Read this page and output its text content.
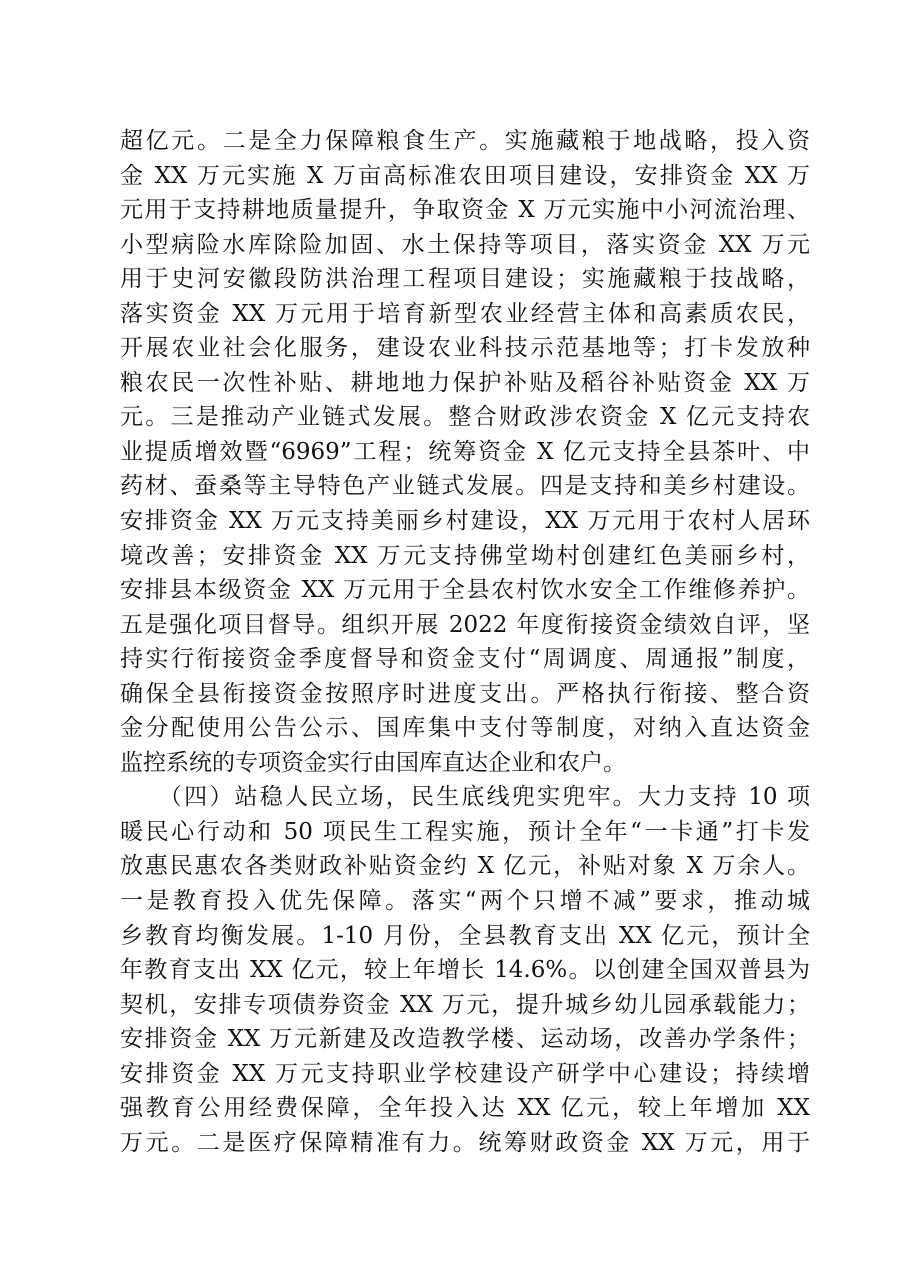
超亿元。二是全力保障粮食生产。实施藏粮于地战略，投入资
金 XX 万元实施 X 万亩高标准农田项目建设，安排资金 XX 万
元用于支持耕地质量提升，争取资金 X 万元实施中小河流治理、
小型病险水库除险加固、水土保持等项目，落实资金 XX 万元
用于史河安徽段防洪治理工程项目建设；实施藏粮于技战略，
落实资金 XX 万元用于培育新型农业经营主体和高素质农民，
开展农业社会化服务，建设农业科技示范基地等；打卡发放种
粮农民一次性补贴、耕地地力保护补贴及稻谷补贴资金 XX 万
元。三是推动产业链式发展。整合财政涉农资金 X 亿元支持农
业提质增效暨“6969”工程；统筹资金 X 亿元支持全县茶叶、中
药材、蚕桑等主导特色产业链式发展。四是支持和美乡村建设。
安排资金 XX 万元支持美丽乡村建设，XX 万元用于农村人居环
境改善；安排资金 XX 万元支持佛堂坳村创建红色美丽乡村，
安排县本级资金 XX 万元用于全县农村饮水安全工作维修养护。
五是强化项目督导。组织开展 2022 年度衔接资金绩效自评，坚
持实行衔接资金季度督导和资金支付“周调度、周通报”制度，
确保全县衔接资金按照序时进度支出。严格执行衔接、整合资
金分配使用公告公示、国库集中支付等制度，对纳入直达资金
监控系统的专项资金实行由国库直达企业和农户。
　　（四）站稳人民立场，民生底线兜实兜牢。大力支持 10 项
暖民心行动和 50 项民生工程实施，预计全年“一卡通”打卡发
放惠民惠农各类财政补贴资金约 X 亿元，补贴对象 X 万余人。
一是教育投入优先保障。落实“两个只增不减”要求，推动城
乡教育均衡发展。1-10 月份，全县教育支出 XX 亿元，预计全
年教育支出 XX 亿元，较上年增长 14.6%。以创建全国双普县为
契机，安排专项债券资金 XX 万元，提升城乡幼儿园承载能力；
安排资金 XX 万元新建及改造教学楼、运动场，改善办学条件；
安排资金 XX 万元支持职业学校建设产研学中心建设；持续增
强教育公用经费保障，全年投入达 XX 亿元，较上年增加 XX
万元。二是医疗保障精准有力。统筹财政资金 XX 万元，用于
